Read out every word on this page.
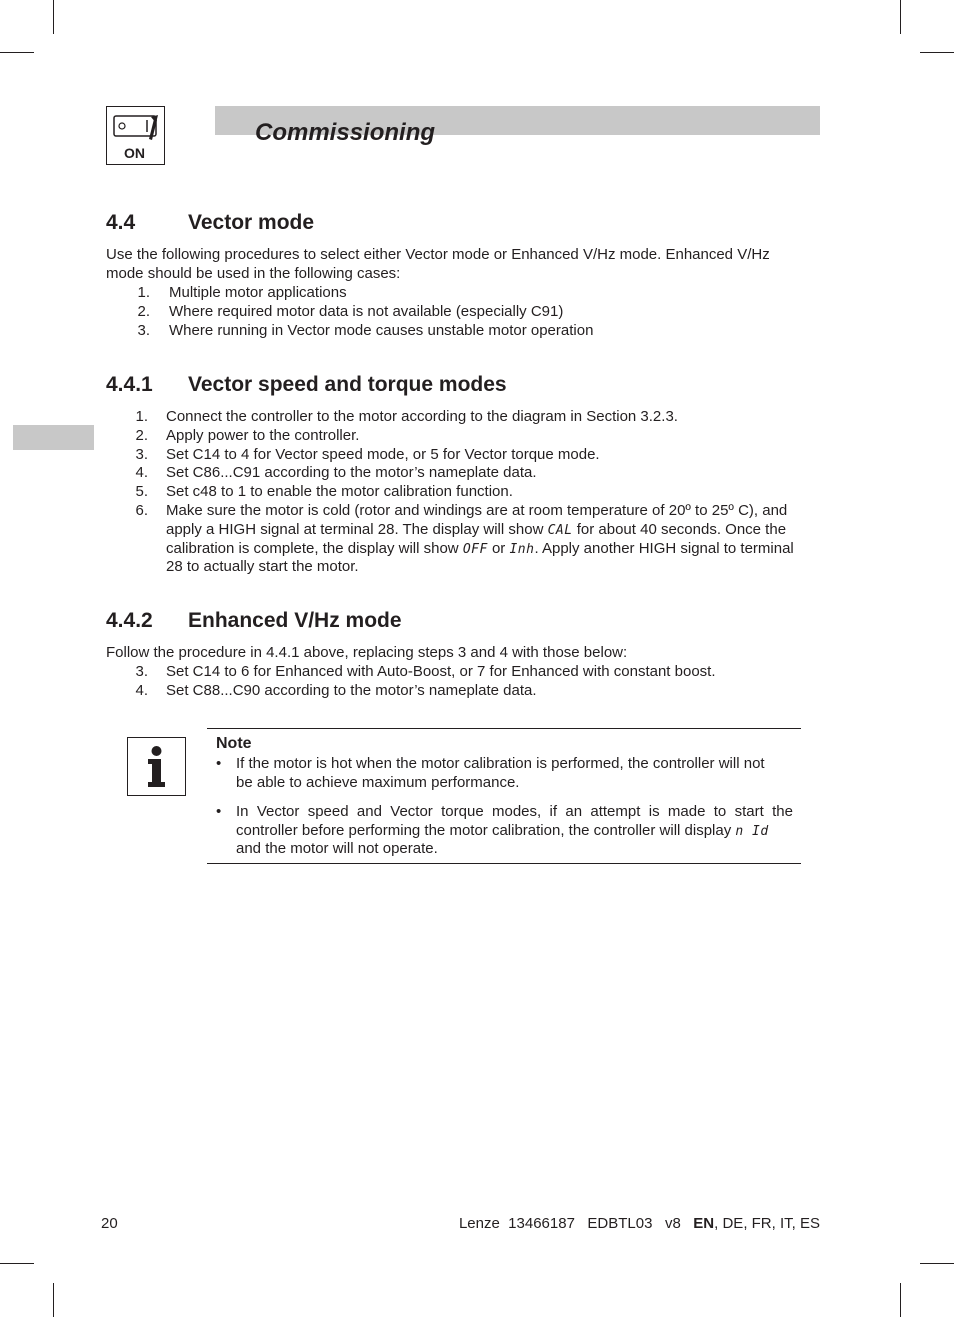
ON
Commissioning
4.4	Vector mode
Use the following procedures to select either Vector mode or Enhanced V/Hz mode. Enhanced V/Hz
mode should be used in the following cases:
1. Multiple motor applications
2. Where required motor data is not available (especially C91)
3. Where running in Vector mode causes unstable motor operation
4.4.1 Vector speed and torque modes
1. Connect the controller to the motor according to the diagram in Section 3.2.3.
2. Apply power to the controller.
3. Set C14 to 4 for Vector speed mode, or 5 for Vector torque mode.
4. Set C86...C91 according to the motor’s nameplate data.
5. Set c48 to 1 to enable the motor calibration function.
6. Make sure the motor is cold (rotor and windings are at room temperature of 20º to 25º C), and
apply a HIGH signal at terminal 28. The display will show CAL for about 40 seconds. Once the
calibration is complete, the display will show OFF or Inh. Apply another HIGH signal to terminal
28 to actually start the motor.
4.4.2 Enhanced V/Hz mode
Follow the procedure in 4.4.1 above, replacing steps 3 and 4 with those below:
3. Set C14 to 6 for Enhanced with Auto-Boost, or 7 for Enhanced with constant boost.
4. Set C88...C90 according to the motor’s nameplate data.
Note
• If the motor is hot when the motor calibration is performed, the controller will not
be able to achieve maximum performance.
• In  Vector  speed  and  Vector  torque  modes,  if  an  attempt  is  made  to  start  the
controller before performing the motor calibration, the controller will display n Id
and the motor will not operate.
20	Lenze  13466187   EDBTL03   v8   EN, DE, FR, IT, ES
